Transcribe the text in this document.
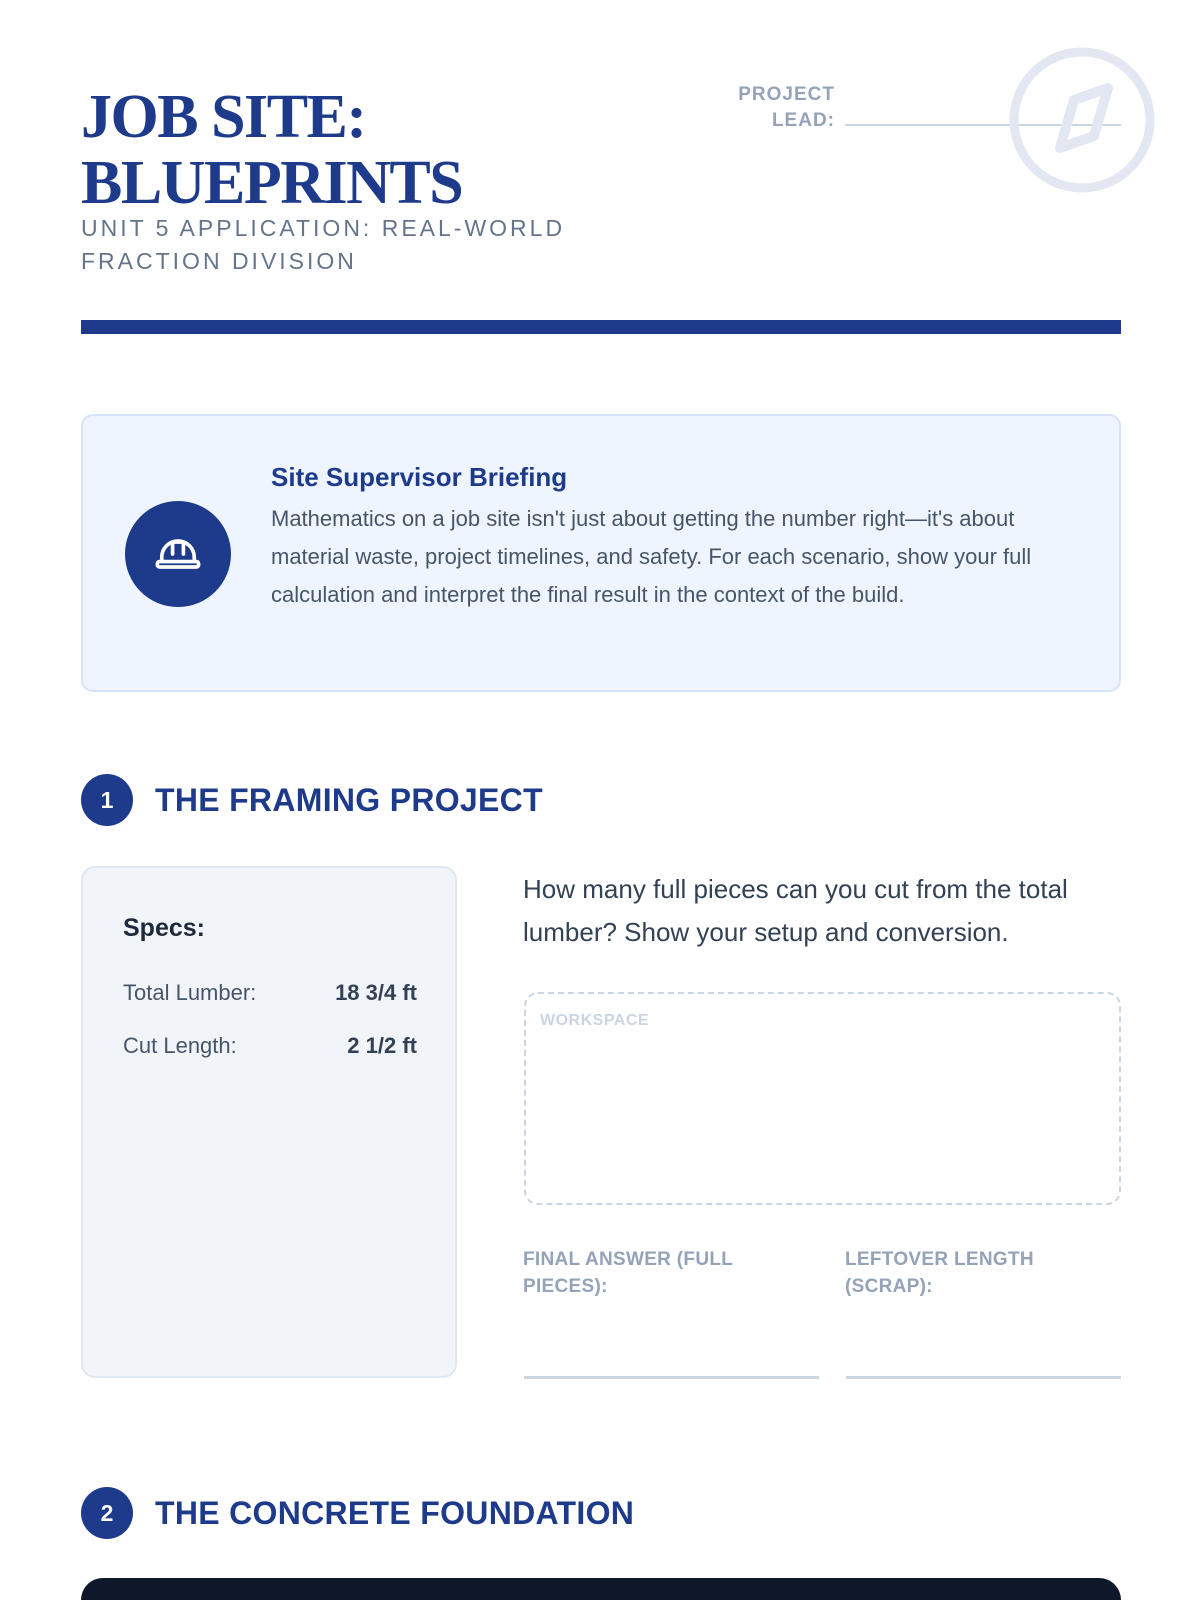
JOB SITE:
BLUEPRINTS
UNIT 5 APPLICATION: REAL-WORLD FRACTION DIVISION
PROJECT
LEAD:
Site Supervisor Briefing
Mathematics on a job site isn't just about getting the number right—it's about material waste, project timelines, and safety. For each scenario, show your full calculation and interpret the final result in the context of the build.
1	THE FRAMING PROJECT
Specs:
Total Lumber:	18 3/4 ft
Cut Length:	2 1/2 ft
How many full pieces can you cut from the total lumber? Show your setup and conversion.
WORKSPACE
FINAL ANSWER (FULL PIECES):
LEFTOVER LENGTH (SCRAP):
2	THE CONCRETE FOUNDATION
